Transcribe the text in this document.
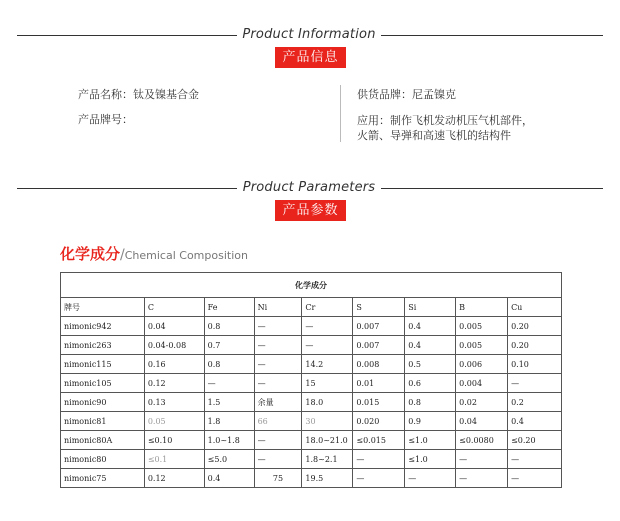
Product Information
产品信息
产品名称：钛及镍基合金
产品牌号：
供货品牌：尼孟镍克
应用：制作飞机发动机压气机部件，
火箭、导弹和高速飞机的结构件
Product Parameters
产品参数
化学成分/Chemical Composition
化学成分								
牌号	C	Fe	Ni	Cr	S	Si	B	Cu
nimonic942	0.04	0.8	—	—	0.007	0.4	0.005	0.20
nimonic263	0.04-0.08	0.7	—	—	0.007	0.4	0.005	0.20
nimonic115	0.16	0.8	—	14.2	0.008	0.5	0.006	0.10
nimonic105	0.12	—	—	15	0.01	0.6	0.004	—
nimonic90	0.13	1.5	余量	18.0	0.015	0.8	0.02	0.2
nimonic81	0.05	1.8	66	30	0.020	0.9	0.04	0.4
nimonic80A	≤0.10	1.0~1.8	—	18.0~21.0	≤0.015	≤1.0	≤0.0080	≤0.20
nimonic80	≤0.1	≤5.0	—	1.8~2.1	—	≤1.0	—	—
nimonic75	0.12	0.4	75	19.5	—	—	—	—
